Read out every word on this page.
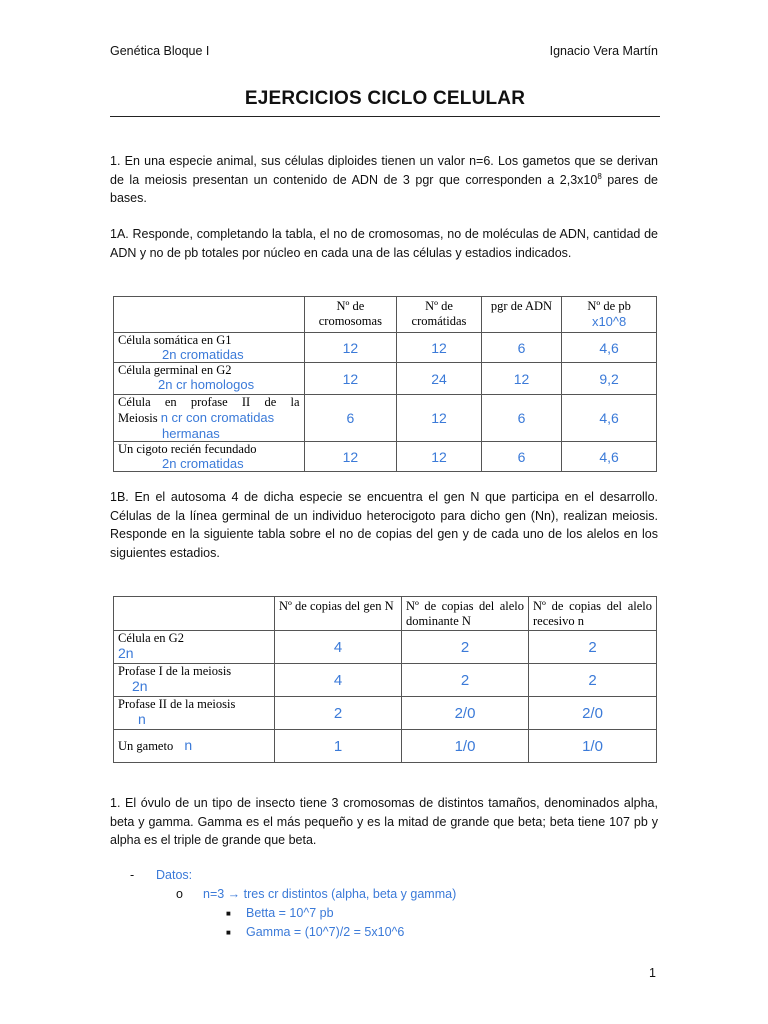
Genética Bloque I	Ignacio Vera Martín
EJERCICIOS CICLO CELULAR
1. En una especie animal, sus células diploides tienen un valor n=6. Los gametos que se derivan de la meiosis presentan un contenido de ADN de 3 pgr que corresponden a $2,3x10^8$ pares de bases.
1A. Responde, completando la tabla, el no de cromosomas, no de moléculas de ADN, cantidad de ADN y no de pb totales por núcleo en cada una de las células y estadios indicados.
	Nº de cromosomas	Nº de cromátidas	pgr de ADN	Nº de pb
x10^8
Célula somática en G1
2n cromatidas	12	12	6	4,6
Célula germinal en G2
2n cr homologos	12	24	12	9,2

Célula en profase II de la
Meiosis n cr con cromatidas
hermanas	6	12	6	4,6
Un cigoto recién fecundado
2n cromatidas	12	12	6	4,6
1B. En el autosoma 4 de dicha especie se encuentra el gen N que participa en el desarrollo. Células de la línea germinal de un individuo heterocigoto para dicho gen (Nn), realizan meiosis. Responde en la siguiente tabla sobre el no de copias del gen y de cada uno de los alelos en los siguientes estadios.
	Nº de copias del gen N	Nº de copias del alelo dominante N	Nº de copias del alelo recesivo n
Célula en G2
2n	4	2	2
Profase I de la meiosis
2n	4	2	2
Profase II de la meiosis
n	2	2/0	2/0
Un gameto n	1	1/0	1/0
1. El óvulo de un tipo de insecto tiene 3 cromosomas de distintos tamaños, denominados alpha, beta y gamma. Gamma es el más pequeño y es la mitad de grande que beta; beta tiene 107 pb y alpha es el triple de grande que beta.
- Datos:
o n=3 → tres cr distintos (alpha, beta y gamma)
■ Betta = 10^7 pb
■ Gamma = (10^7)/2 = 5x10^6
1
